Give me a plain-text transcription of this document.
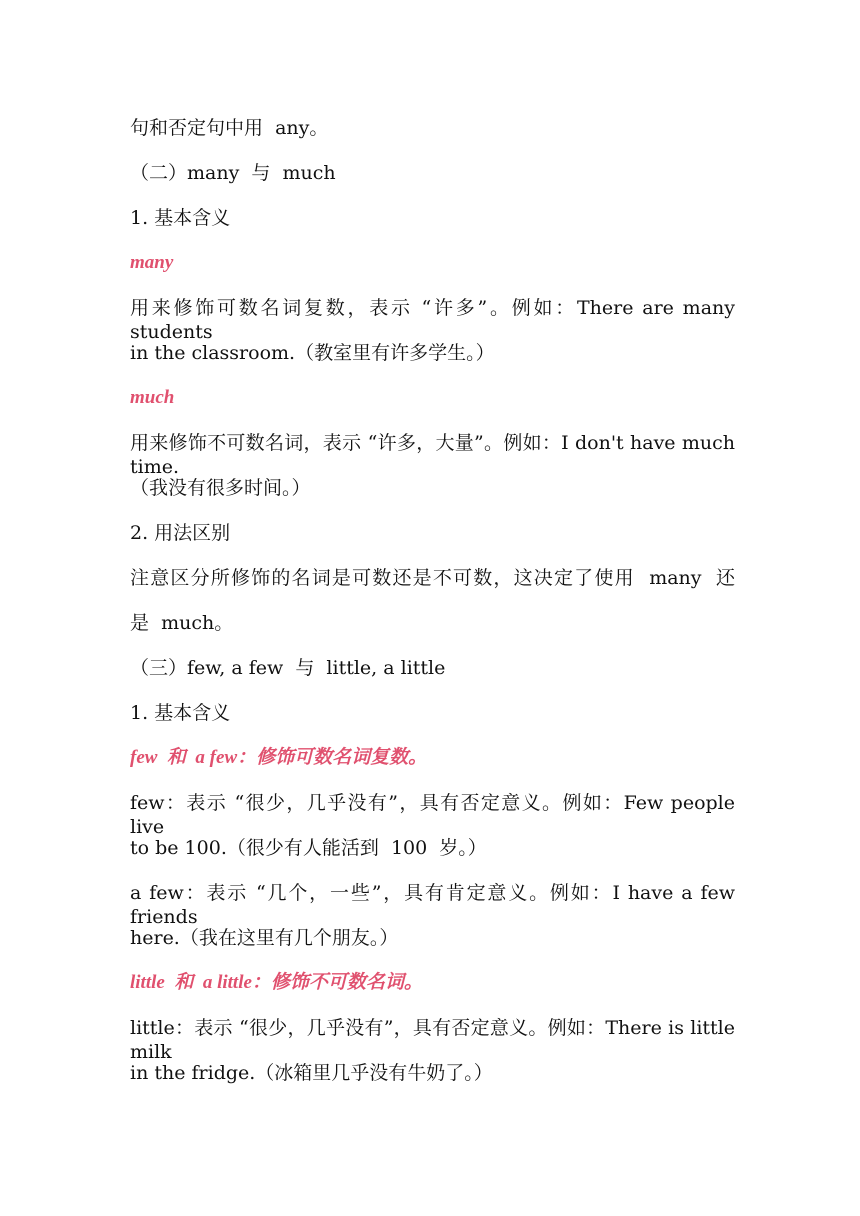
句和否定句中用  any。
（二）many  与  much
1. 基本含义
many
用来修饰可数名词复数，表示 “许多”。例如：There are many students
in the classroom.（教室里有许多学生。）
much
用来修饰不可数名词，表示 “许多，大量”。例如：I don't have much time.
（我没有很多时间。）
2. 用法区别
注意区分所修饰的名词是可数还是不可数，这决定了使用  many  还
是  much。
（三）few, a few  与  little, a little
1. 基本含义
few  和  a few：修饰可数名词复数。
few：表示 “很少，几乎没有”，具有否定意义。例如：Few people live
to be 100.（很少有人能活到  100  岁。）
a few：表示 “几个，一些”，具有肯定意义。例如：I have a few friends
here.（我在这里有几个朋友。）
little  和  a little：修饰不可数名词。
little：表示 “很少，几乎没有”，具有否定意义。例如：There is little milk
in the fridge.（冰箱里几乎没有牛奶了。）
